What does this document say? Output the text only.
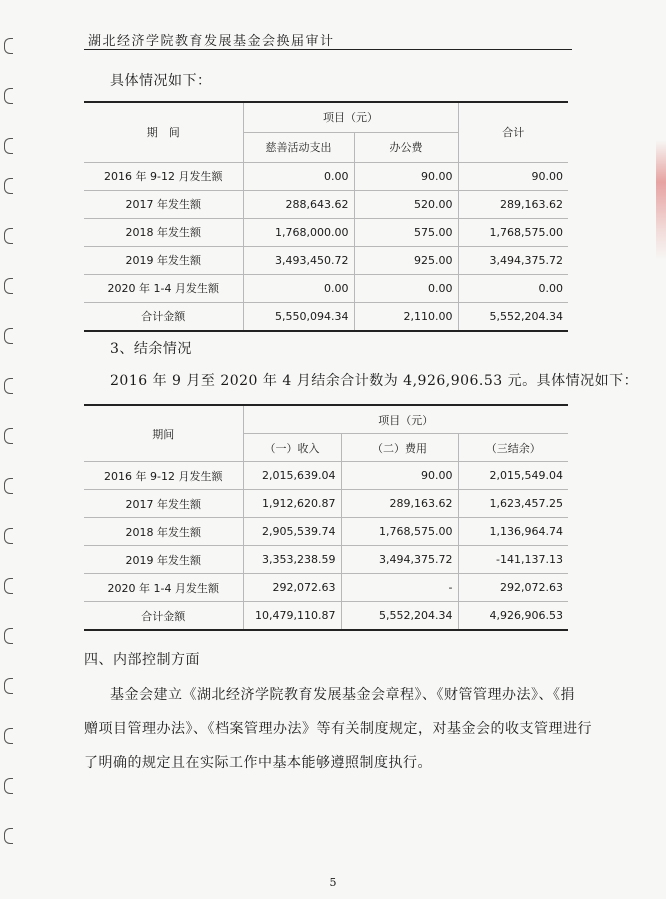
湖北经济学院教育发展基金会换届审计
具体情况如下：
期　间	项目（元）		合计
	慈善活动支出	办公费	
2016 年 9-12 月发生额	0.00	90.00	90.00
2017 年发生额	288,643.62	520.00	289,163.62
2018 年发生额	1,768,000.00	575.00	1,768,575.00
2019 年发生额	3,493,450.72	925.00	3,494,375.72
2020 年 1-4 月发生额	0.00	0.00	0.00
合计金额	5,550,094.34	2,110.00	5,552,204.34
3、结余情况
2016 年 9 月至 2020 年 4 月结余合计数为 4,926,906.53 元。具体情况如下：
期间	项目（元）		
	（一）收入	（二）费用	（三结余）
2016 年 9-12 月发生额	2,015,639.04	90.00	2,015,549.04
2017 年发生额	1,912,620.87	289,163.62	1,623,457.25
2018 年发生额	2,905,539.74	1,768,575.00	1,136,964.74
2019 年发生额	3,353,238.59	3,494,375.72	-141,137.13
2020 年 1-4 月发生额	292,072.63	-	292,072.63
合计金额	10,479,110.87	5,552,204.34	4,926,906.53
四、内部控制方面
基金会建立《湖北经济学院教育发展基金会章程》、《财管管理办法》、《捐
赠项目管理办法》、《档案管理办法》等有关制度规定，对基金会的收支管理进行
了明确的规定且在实际工作中基本能够遵照制度执行。
5
